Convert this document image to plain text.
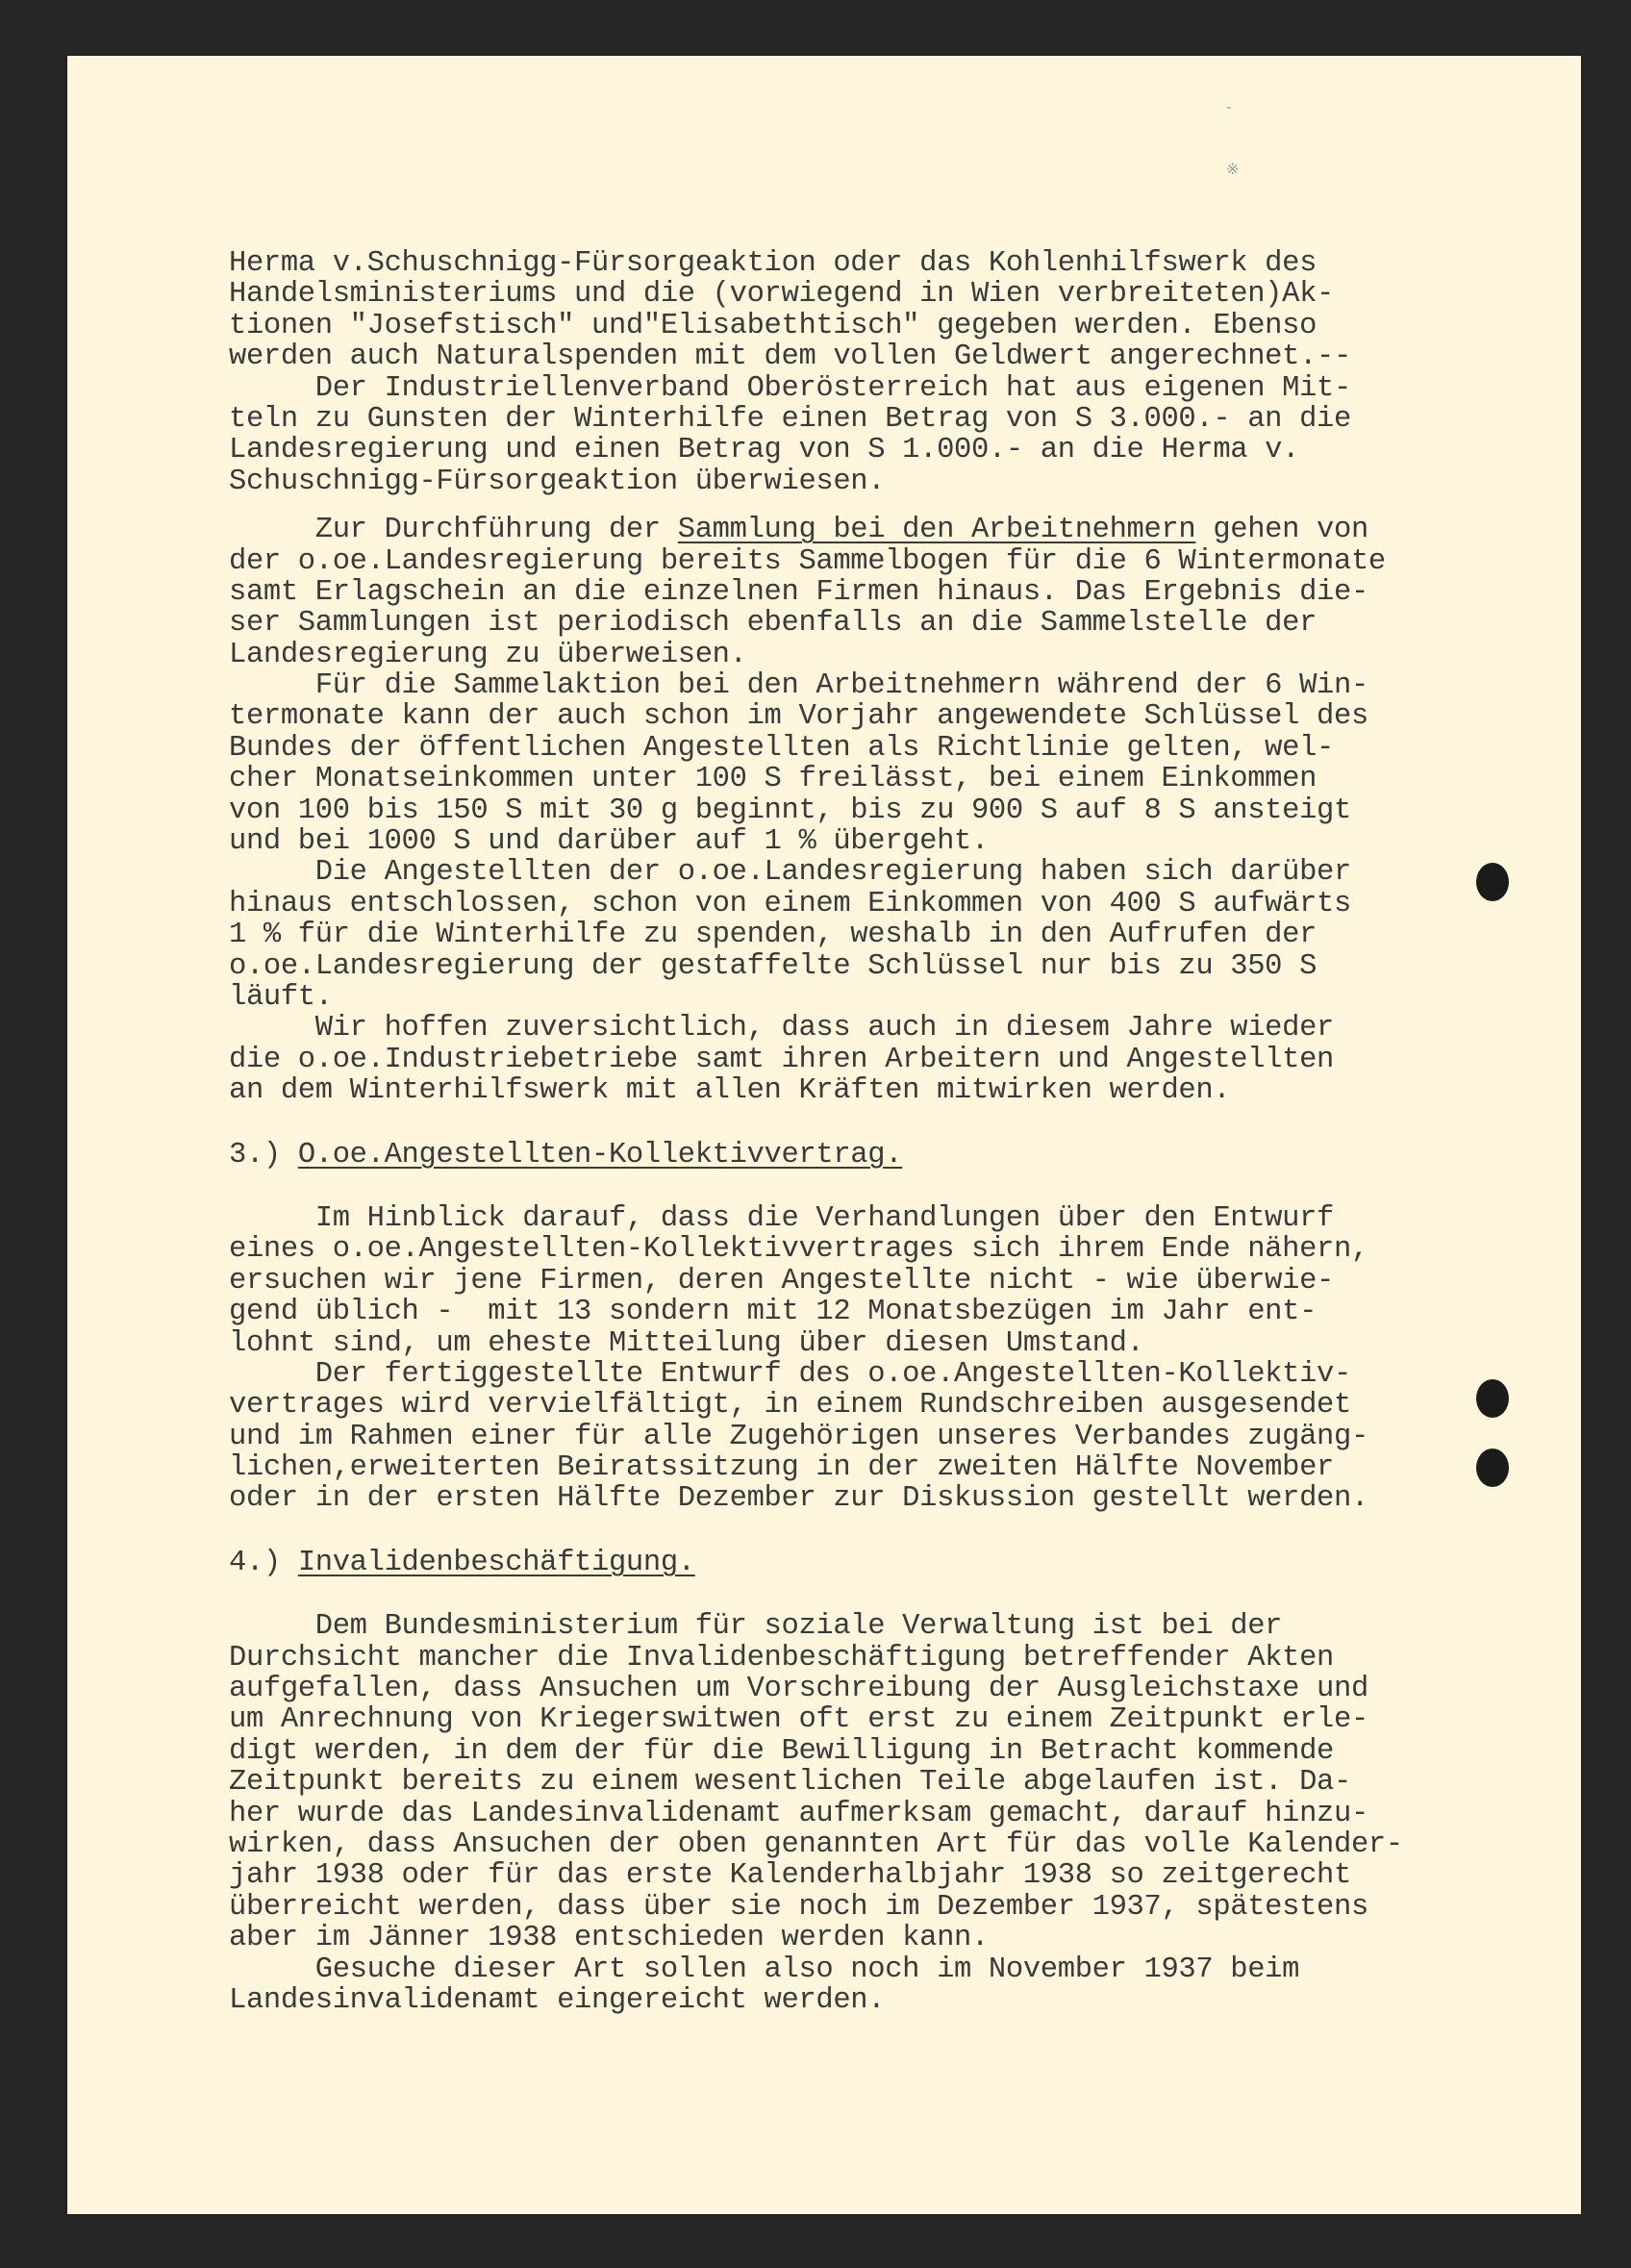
-
※
Herma v.Schuschnigg-Fürsorgeaktion oder das Kohlenhilfswerk des
Handelsministeriums und die (vorwiegend in Wien verbreiteten)Ak-
tionen "Josefstisch" und"Elisabethtisch" gegeben werden. Ebenso
werden auch Naturalspenden mit dem vollen Geldwert angerechnet.--
Der Industriellenverband Oberösterreich hat aus eigenen Mit-
teln zu Gunsten der Winterhilfe einen Betrag von S 3.000.- an die
Landesregierung und einen Betrag von S 1.000.- an die Herma v.
Schuschnigg-Fürsorgeaktion überwiesen.
Zur Durchführung der Sammlung bei den Arbeitnehmern gehen von
der o.oe.Landesregierung bereits Sammelbogen für die 6 Wintermonate
samt Erlagschein an die einzelnen Firmen hinaus. Das Ergebnis die-
ser Sammlungen ist periodisch ebenfalls an die Sammelstelle der
Landesregierung zu überweisen.
Für die Sammelaktion bei den Arbeitnehmern während der 6 Win-
termonate kann der auch schon im Vorjahr angewendete Schlüssel des
Bundes der öffentlichen Angestellten als Richtlinie gelten, wel-
cher Monatseinkommen unter 100 S freilässt, bei einem Einkommen
von 100 bis 150 S mit 30 g beginnt, bis zu 900 S auf 8 S ansteigt
und bei 1000 S und darüber auf 1 % übergeht.
Die Angestellten der o.oe.Landesregierung haben sich darüber
hinaus entschlossen, schon von einem Einkommen von 400 S aufwärts
1 % für die Winterhilfe zu spenden, weshalb in den Aufrufen der
o.oe.Landesregierung der gestaffelte Schlüssel nur bis zu 350 S
läuft.
Wir hoffen zuversichtlich, dass auch in diesem Jahre wieder
die o.oe.Industriebetriebe samt ihren Arbeitern und Angestellten
an dem Winterhilfswerk mit allen Kräften mitwirken werden.
3.) O.oe.Angestellten-Kollektivvertrag.
Im Hinblick darauf, dass die Verhandlungen über den Entwurf
eines o.oe.Angestellten-Kollektivvertrages sich ihrem Ende nähern,
ersuchen wir jene Firmen, deren Angestellte nicht - wie überwie-
gend üblich -  mit 13 sondern mit 12 Monatsbezügen im Jahr ent-
lohnt sind, um eheste Mitteilung über diesen Umstand.
Der fertiggestellte Entwurf des o.oe.Angestellten-Kollektiv-
vertrages wird vervielfältigt, in einem Rundschreiben ausgesendet
und im Rahmen einer für alle Zugehörigen unseres Verbandes zugäng-
lichen,erweiterten Beiratssitzung in der zweiten Hälfte November
oder in der ersten Hälfte Dezember zur Diskussion gestellt werden.
4.) Invalidenbeschäftigung.
Dem Bundesministerium für soziale Verwaltung ist bei der
Durchsicht mancher die Invalidenbeschäftigung betreffender Akten
aufgefallen, dass Ansuchen um Vorschreibung der Ausgleichstaxe und
um Anrechnung von Kriegerswitwen oft erst zu einem Zeitpunkt erle-
digt werden, in dem der für die Bewilligung in Betracht kommende
Zeitpunkt bereits zu einem wesentlichen Teile abgelaufen ist. Da-
her wurde das Landesinvalidenamt aufmerksam gemacht, darauf hinzu-
wirken, dass Ansuchen der oben genannten Art für das volle Kalender-
jahr 1938 oder für das erste Kalenderhalbjahr 1938 so zeitgerecht
überreicht werden, dass über sie noch im Dezember 1937, spätestens
aber im Jänner 1938 entschieden werden kann.
Gesuche dieser Art sollen also noch im November 1937 beim
Landesinvalidenamt eingereicht werden.
